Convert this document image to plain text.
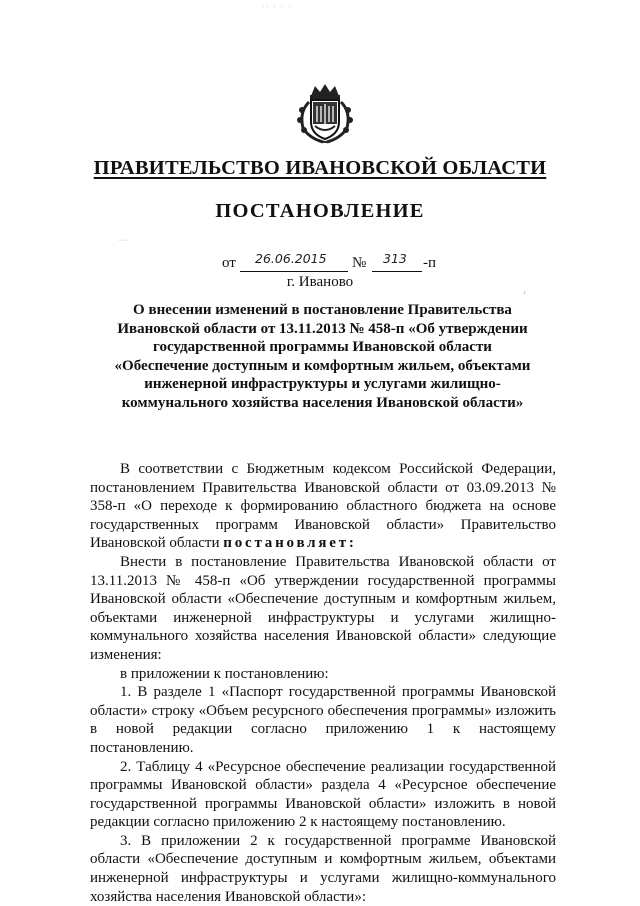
·· · · ·
ПРАВИТЕЛЬСТВО ИВАНОВСКОЙ ОБЛАСТИ
ПОСТАНОВЛЕНИЕ
·····
от 26.06.2015 № 313 -п
г. Иваново
ı
О внесении изменений в постановление Правительства Ивановской области от 13.11.2013 № 458-п «Об утверждении государственной программы Ивановской области «Обеспечение доступным и комфортным жильем, объектами инженерной инфраструктуры и услугами жилищно-коммунального хозяйства населения Ивановской области»

В соответствии с Бюджетным кодексом Российской Федерации, постановлением Правительства Ивановской области от 03.09.2013 № 358-п «О переходе к формированию областного бюджета на основе государственных программ Ивановской области» Правительство Ивановской области постановляет:

Внести в постановление Правительства Ивановской области от 13.11.2013 № 458-п «Об утверждении государственной программы Ивановской области «Обеспечение доступным и комфортным жильем, объектами инженерной инфраструктуры и услугами жилищно-коммунального хозяйства населения Ивановской области» следующие изменения:

в приложении к постановлению:

1. В разделе 1 «Паспорт государственной программы Ивановской области» строку «Объем ресурсного обеспечения программы» изложить в новой редакции согласно приложению 1 к настоящему постановлению.

2. Таблицу 4 «Ресурсное обеспечение реализации государственной программы Ивановской области» раздела 4 «Ресурсное обеспечение государственной программы Ивановской области» изложить в новой редакции согласно приложению 2 к настоящему постановлению.

3. В приложении 2 к государственной программе Ивановской области «Обеспечение доступным и комфортным жильем, объектами инженерной инфраструктуры и услугами жилищно-коммунального хозяйства населения Ивановской области»:
